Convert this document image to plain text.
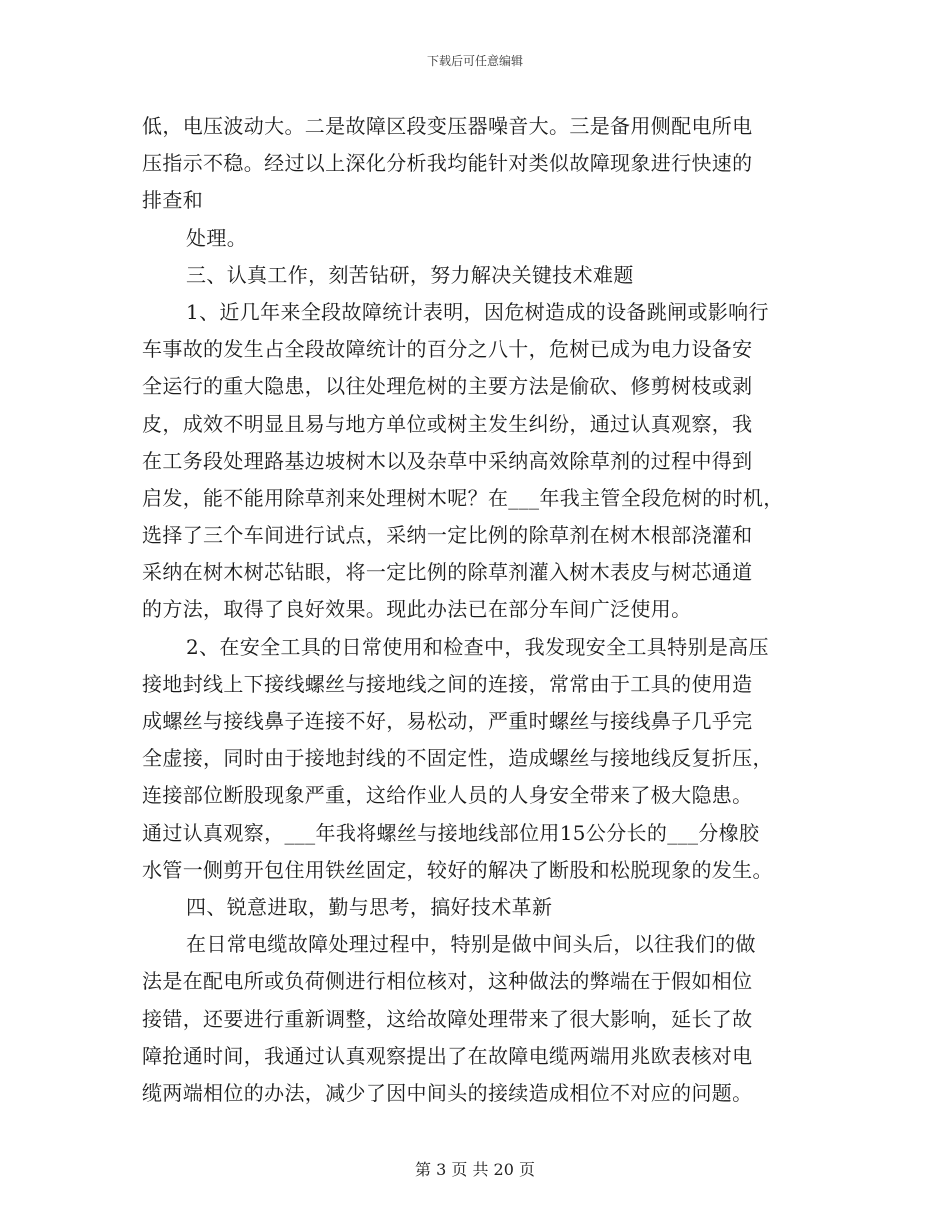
下载后可任意编辑
低，电压波动大。二是故障区段变压器噪音大。三是备用侧配电所电
压指示不稳。经过以上深化分析我均能针对类似故障现象进行快速的
排查和
处理。
三、认真工作，刻苦钻研，努力解决关键技术难题
1、近几年来全段故障统计表明，因危树造成的设备跳闸或影响行
车事故的发生占全段故障统计的百分之八十，危树已成为电力设备安
全运行的重大隐患，以往处理危树的主要方法是偷砍、修剪树枝或剥
皮，成效不明显且易与地方单位或树主发生纠纷，通过认真观察，我
在工务段处理路基边坡树木以及杂草中采纳高效除草剂的过程中得到
启发，能不能用除草剂来处理树木呢？在___年我主管全段危树的时机，
选择了三个车间进行试点，采纳一定比例的除草剂在树木根部浇灌和
采纳在树木树芯钻眼，将一定比例的除草剂灌入树木表皮与树芯通道
的方法，取得了良好效果。现此办法已在部分车间广泛使用。
2、在安全工具的日常使用和检查中，我发现安全工具特别是高压
接地封线上下接线螺丝与接地线之间的连接，常常由于工具的使用造
成螺丝与接线鼻子连接不好，易松动，严重时螺丝与接线鼻子几乎完
全虚接，同时由于接地封线的不固定性，造成螺丝与接地线反复折压，
连接部位断股现象严重，这给作业人员的人身安全带来了极大隐患。
通过认真观察，___年我将螺丝与接地线部位用15公分长的___分橡胶
水管一侧剪开包住用铁丝固定，较好的解决了断股和松脱现象的发生。
四、锐意进取，勤与思考，搞好技术革新
在日常电缆故障处理过程中，特别是做中间头后，以往我们的做
法是在配电所或负荷侧进行相位核对，这种做法的弊端在于假如相位
接错，还要进行重新调整，这给故障处理带来了很大影响，延长了故
障抢通时间，我通过认真观察提出了在故障电缆两端用兆欧表核对电
缆两端相位的办法，减少了因中间头的接续造成相位不对应的问题。
第 3 页 共 20 页
